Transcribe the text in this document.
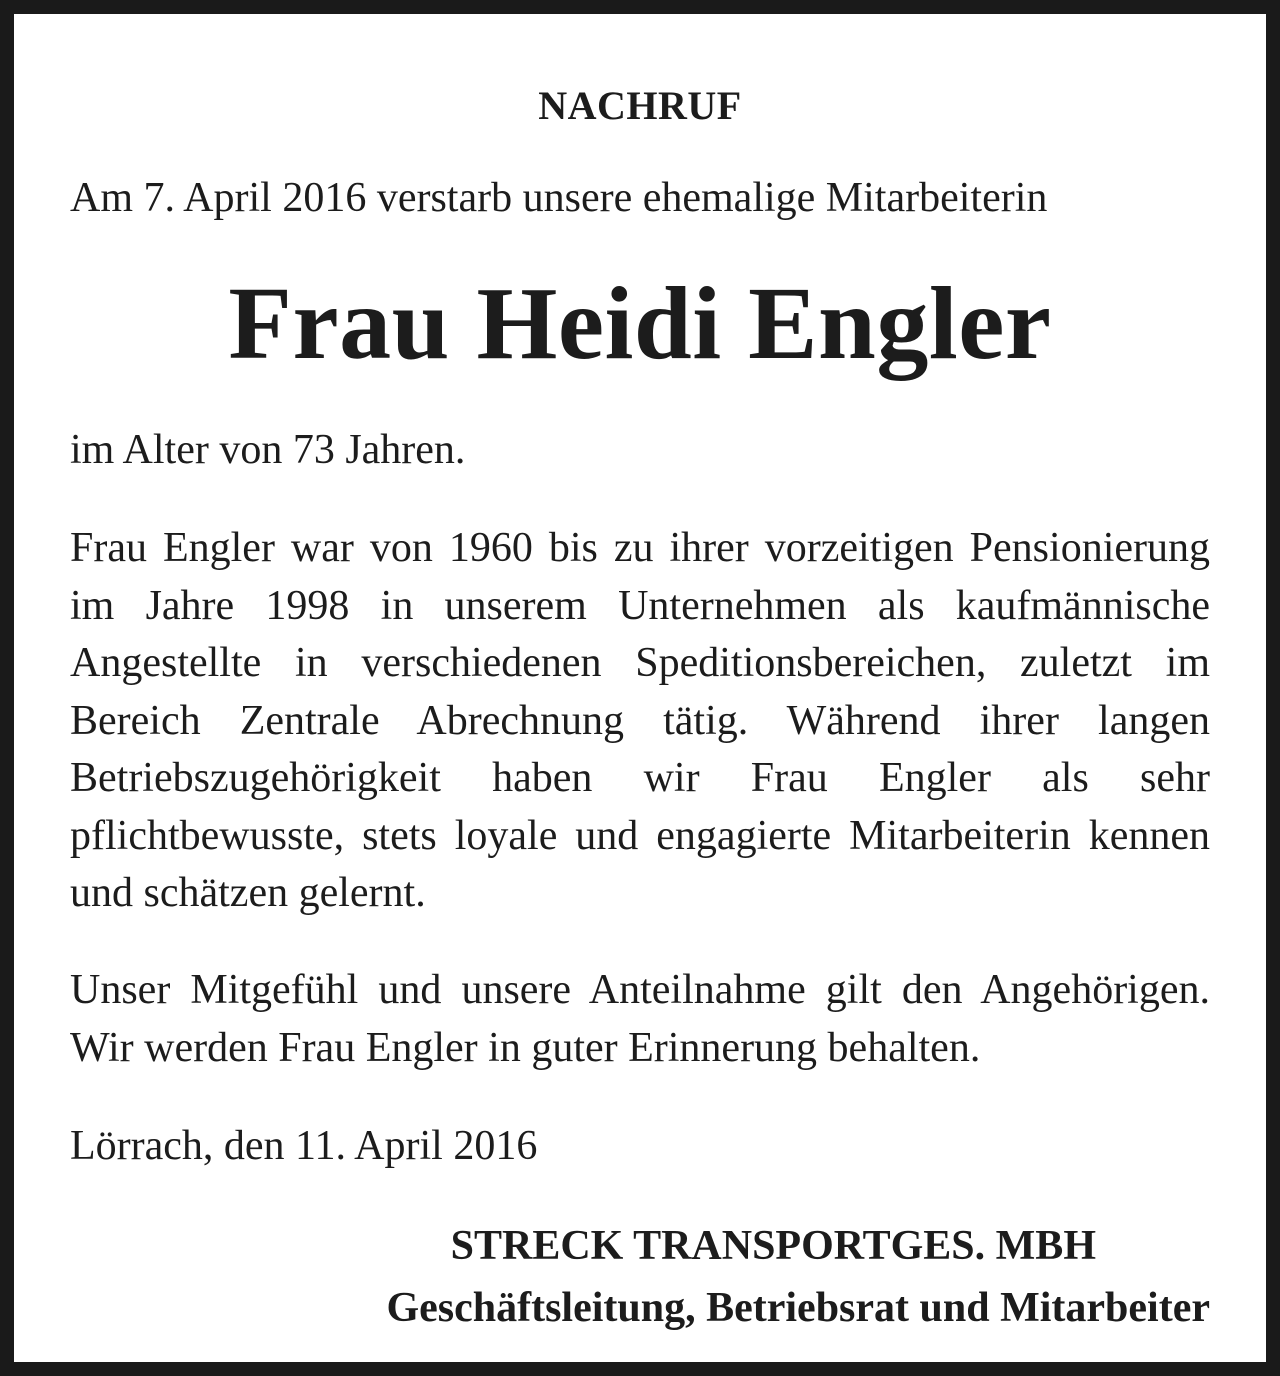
NACHRUF

Am 7. April 2016 verstarb unsere ehemalige Mitarbeiterin

Frau Heidi Engler

im Alter von 73 Jahren.

Frau Engler war von 1960 bis zu ihrer vorzeitigen Pensionierung im Jahre 1998 in unserem Unternehmen als kaufmännische Angestellte in verschiedenen Speditionsbereichen, zuletzt im Bereich Zentrale Abrechnung tätig. Während ihrer langen Betriebszugehörigkeit haben wir Frau Engler als sehr pflichtbewusste, stets loyale und engagierte Mitarbeiterin kennen und schätzen gelernt.

Unser Mitgefühl und unsere Anteilnahme gilt den Angehörigen. Wir werden Frau Engler in guter Erinnerung behalten.

Lörrach, den 11. April 2016

STRECK TRANSPORTGES. MBH
Geschäftsleitung, Betriebsrat und Mitarbeiter
